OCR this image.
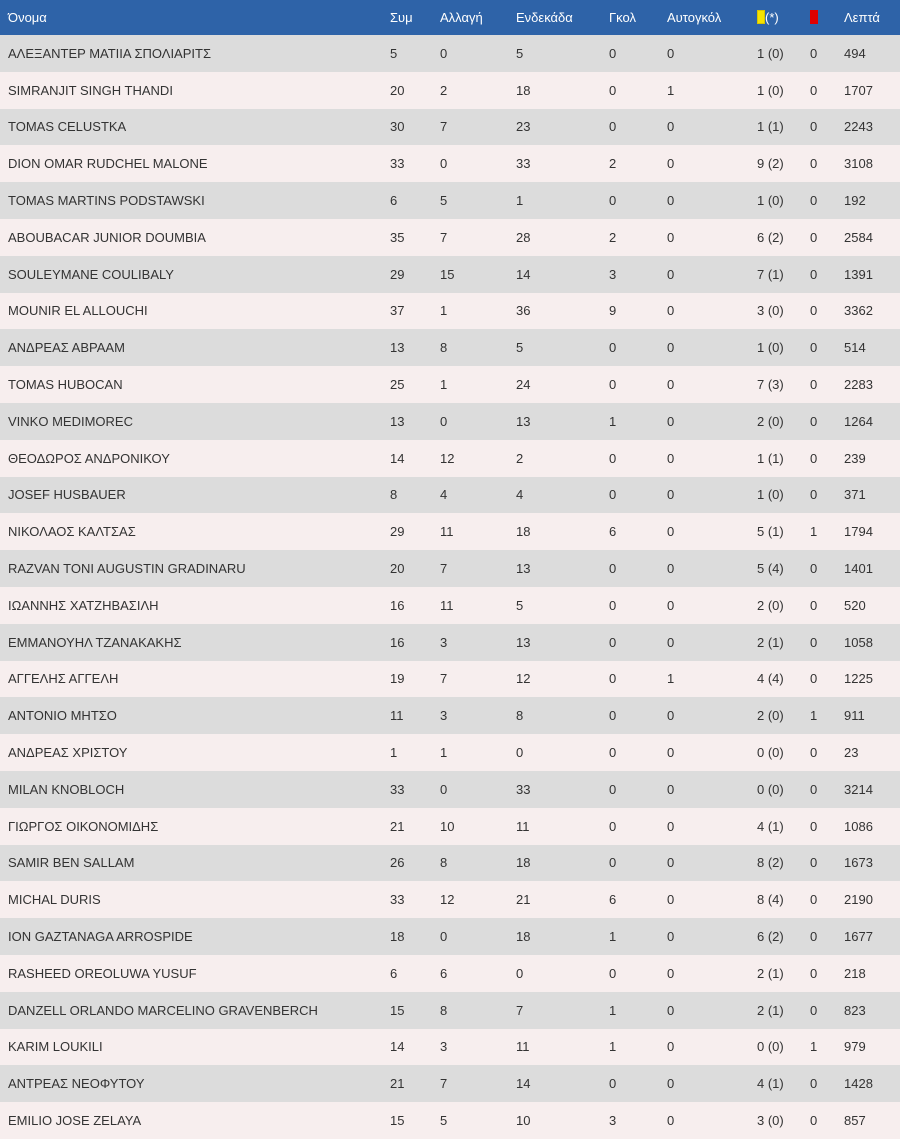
Όνομα	Συμ	Αλλαγή	Ενδεκάδα	Γκολ	Αυτογκόλ	(*)		Λεπτά
ΑΛΕΞΑΝΤΕΡ ΜΑΤΙΙΑ ΣΠΟΛΙΑΡΙΤΣ	5	0	5	0	0	1 (0)	0	494
SIMRANJIT SINGH THANDI	20	2	18	0	1	1 (0)	0	1707
TOMAS CELUSTKA	30	7	23	0	0	1 (1)	0	2243
DION OMAR RUDCHEL MALONE	33	0	33	2	0	9 (2)	0	3108
TOMAS MARTINS PODSTAWSKI	6	5	1	0	0	1 (0)	0	192
ABOUBACAR JUNIOR DOUMBIA	35	7	28	2	0	6 (2)	0	2584
SOULEYMANE COULIBALY	29	15	14	3	0	7 (1)	0	1391
MOUNIR EL ALLOUCHI	37	1	36	9	0	3 (0)	0	3362
ΑΝΔΡΕΑΣ ΑΒΡΑΑΜ	13	8	5	0	0	1 (0)	0	514
TOMAS HUBOCAN	25	1	24	0	0	7 (3)	0	2283
VINKO MEDIMOREC	13	0	13	1	0	2 (0)	0	1264
ΘΕΟΔΩΡΟΣ ΑΝΔΡΟΝΙΚΟΥ	14	12	2	0	0	1 (1)	0	239
JOSEF HUSBAUER	8	4	4	0	0	1 (0)	0	371
ΝΙΚΟΛΑΟΣ ΚΑΛΤΣΑΣ	29	11	18	6	0	5 (1)	1	1794
RAZVAN TONI AUGUSTIN GRADINARU	20	7	13	0	0	5 (4)	0	1401
ΙΩΑΝΝΗΣ ΧΑΤΖΗΒΑΣΙΛΗ	16	11	5	0	0	2 (0)	0	520
ΕΜΜΑΝΟΥΗΛ ΤΖΑΝΑΚΑΚΗΣ	16	3	13	0	0	2 (1)	0	1058
ΑΓΓΕΛΗΣ ΑΓΓΕΛΗ	19	7	12	0	1	4 (4)	0	1225
ΑΝΤΟΝΙΟ ΜΗΤΣΟ	11	3	8	0	0	2 (0)	1	911
ΑΝΔΡΕΑΣ ΧΡΙΣΤΟΥ	1	1	0	0	0	0 (0)	0	23
MILAN KNOBLOCH	33	0	33	0	0	0 (0)	0	3214
ΓΙΩΡΓΟΣ ΟΙΚΟΝΟΜΙΔΗΣ	21	10	11	0	0	4 (1)	0	1086
SAMIR BEN SALLAM	26	8	18	0	0	8 (2)	0	1673
MICHAL DURIS	33	12	21	6	0	8 (4)	0	2190
ION GAZTANAGA ARROSPIDE	18	0	18	1	0	6 (2)	0	1677
RASHEED OREOLUWA YUSUF	6	6	0	0	0	2 (1)	0	218
DANZELL ORLANDO MARCELINO GRAVENBERCH	15	8	7	1	0	2 (1)	0	823
KARIM LOUKILI	14	3	11	1	0	0 (0)	1	979
ΑΝΤΡΕΑΣ ΝΕΟΦΥΤΟΥ	21	7	14	0	0	4 (1)	0	1428
EMILIO JOSE ZELAYA	15	5	10	3	0	3 (0)	0	857
